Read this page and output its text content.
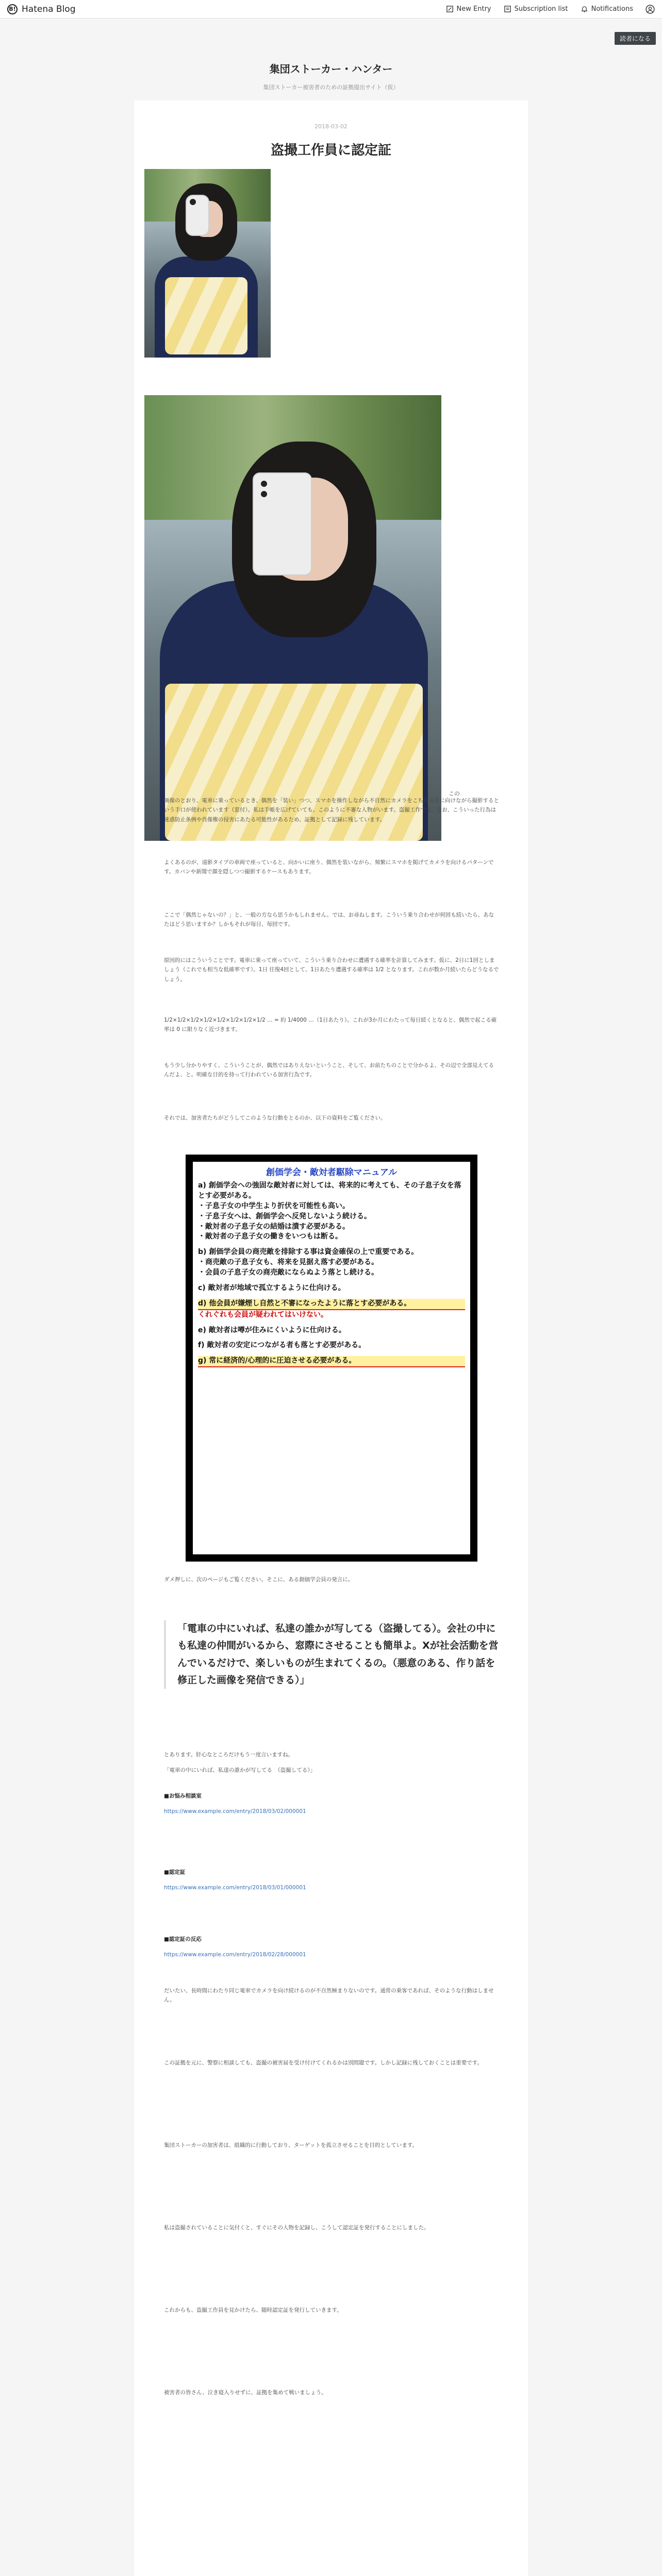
B! Hatena Blog	New Entry	Subscription list	Notifications
読者になる
集団ストーカー・ハンター
集団ストーカー被害者のための証拠提出サイト（仮）
2018-03-02
盗撮工作員に認定証
この

画像のとおり、電車に乗っているとき、偶然を「装い」つつ、スマホを操作しながら不自然にカメラをこちらの方に向けながら撮影するという手口が使われています（窓付）。私は手帳を広げていても、このように不審な人物がいます。盗撮工作です。なお、こういった行為は迷惑防止条例や肖像権の侵害にあたる可能性があるため、証拠として記録に残しています。

よくあるのが、遠影タイプの車両で座っていると、向かいに座り、偶然を装いながら、頻繁にスマホを掲げてカメラを向けるパターンです。カバンや新聞で顔を隠しつつ撮影するケースもあります。

ここで「偶然じゃないの？」と、一般の方なら思うかもしれません。では、お尋ねします。こういう乗り合わせが何回も続いたら、あなたはどう思いますか？しかもそれが毎日、毎回です。

原因的にはこういうことです。電車に乗って座っていて、こういう乗り合わせに遭遇する確率を計算してみます。仮に、2日に1回としましょう（これでも相当な低確率です）。1日 往復4回として、1日あたり遭遇する確率は 1/2 となります。これが数か月続いたらどうなるでしょう。

1/2×1/2×1/2×1/2×1/2×1/2×1/2×1/2 … = 約 1/4000 …（1日あたり）。これが3か月にわたって毎日続くとなると、偶然で起こる確率は 0 に限りなく近づきます。

もう少し分かりやすく、こういうことが、偶然ではありえないということ、そして、お前たちのことで分かるよ、その辺で全部見えてるんだよ、と。明確な目的を持って行われている加害行為です。

それでは、加害者たちがどうしてこのような行動をとるのか、以下の資料をご覧ください。

創価学会・敵対者駆除マニュアル
a) 創価学会への強固な敵対者に対しては、将来的に考えても、その子息子女を落とす必要がある。
・子息子女の中学生より折伏を可能性も高い。
・子息子女へは、創価学会へ反発しないよう続ける。
・敵対者の子息子女の結婚は潰す必要がある。
・敵対者の子息子女の働きをいつもは断る。
b) 創価学会員の商売敵を排除する事は資金確保の上で重要である。
・商売敵の子息子女も、将来を見据え落す必要がある。
・会員の子息子女の商売敵にならぬよう落とし続ける。
c) 敵対者が地域で孤立するように仕向ける。
d) 他会員が嫌煙し自然と不審になったように落とす必要がある。
くれぐれも会員が疑われてはいけない。
e) 敵対者は噂が住みにくいように仕向ける。
f) 敵対者の安定につながる者も落とす必要がある。
g) 常に経済的/心理的に圧迫させる必要がある。

ダメ押しに、次のページもご覧ください。そこに、ある創価学会員の発言に。

「電車の中にいれば、私達の誰かが写してる（盗撮してる）。会社の中にも私達の仲間がいるから、窓際にさせることも簡単よ。Xが社会活動を営んでいるだけで、楽しいものが生まれてくるの。（悪意のある、作り話を修正した画像を発信できる）」

とあります。肝心なところだけもう一度言いますね。

「電車の中にいれば、私達の誰かが写してる　（盗撮してる）」

■お悩み相談室

https://www.example.com/entry/2018/03/02/000001

■認定証

https://www.example.com/entry/2018/03/01/000001

■認定証の反応

https://www.example.com/entry/2018/02/28/000001

だいたい、長時間にわたり同じ電車でカメラを向け続けるのが不自然極まりないのです。通常の乗客であれば、そのような行動はしません。

この証拠を元に、警察に相談しても、盗撮の被害届を受け付けてくれるかは別問題です。しかし記録に残しておくことは重要です。

集団ストーカーの加害者は、組織的に行動しており、ターゲットを孤立させることを目的としています。

私は盗撮されていることに気付くと、すぐにその人物を記録し、こうして認定証を発行することにしました。

これからも、盗撮工作員を見かけたら、随時認定証を発行していきます。

被害者の皆さん、泣き寝入りせずに、証拠を集めて戦いましょう。
